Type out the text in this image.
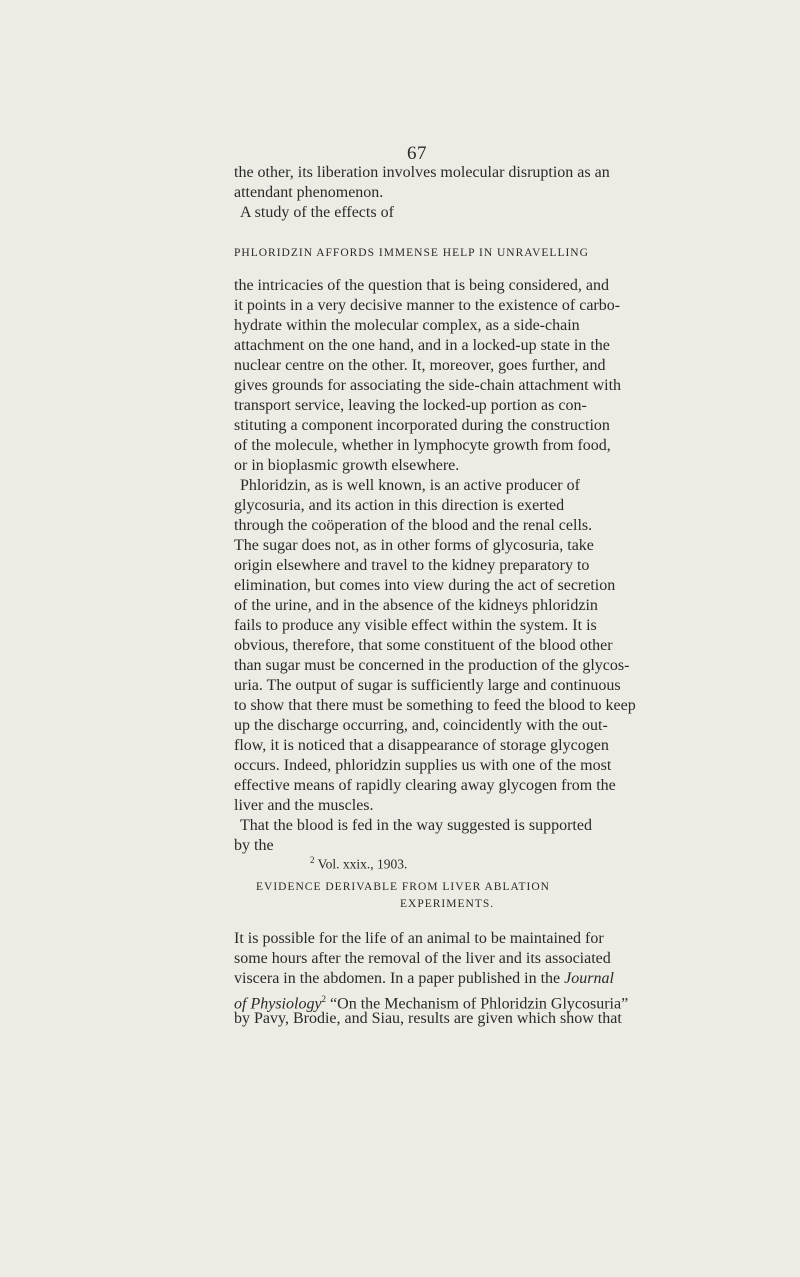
67
the other, its liberation involves molecular disruption as an
attendant phenomenon.
A study of the effects of
PHLORIDZIN AFFORDS IMMENSE HELP IN UNRAVELLING
the intricacies of the question that is being considered, and
it points in a very decisive manner to the existence of carbo-
hydrate within the molecular complex, as a side-chain
attachment on the one hand, and in a locked-up state in the
nuclear centre on the other. It, moreover, goes further, and
gives grounds for associating the side-chain attachment with
transport service, leaving the locked-up portion as con-
stituting a component incorporated during the construction
of the molecule, whether in lymphocyte growth from food,
or in bioplasmic growth elsewhere.
Phloridzin, as is well known, is an active producer of
glycosuria, and its action in this direction is exerted
through the coöperation of the blood and the renal cells.
The sugar does not, as in other forms of glycosuria, take
origin elsewhere and travel to the kidney preparatory to
elimination, but comes into view during the act of secretion
of the urine, and in the absence of the kidneys phloridzin
fails to produce any visible effect within the system. It is
obvious, therefore, that some constituent of the blood other
than sugar must be concerned in the production of the glycos-
uria. The output of sugar is sufficiently large and continuous
to show that there must be something to feed the blood to keep
up the discharge occurring, and, coincidently with the out-
flow, it is noticed that a disappearance of storage glycogen
occurs. Indeed, phloridzin supplies us with one of the most
effective means of rapidly clearing away glycogen from the
liver and the muscles.
That the blood is fed in the way suggested is supported
by the
EVIDENCE DERIVABLE FROM LIVER ABLATION
EXPERIMENTS.
It is possible for the life of an animal to be maintained for
some hours after the removal of the liver and its associated
viscera in the abdomen. In a paper published in the Journal
of Physiology$^2$ “On the Mechanism of Phloridzin Glycosuria”
by Pavy, Brodie, and Siau, results are given which show that
$^2$ Vol. xxix., 1903.
